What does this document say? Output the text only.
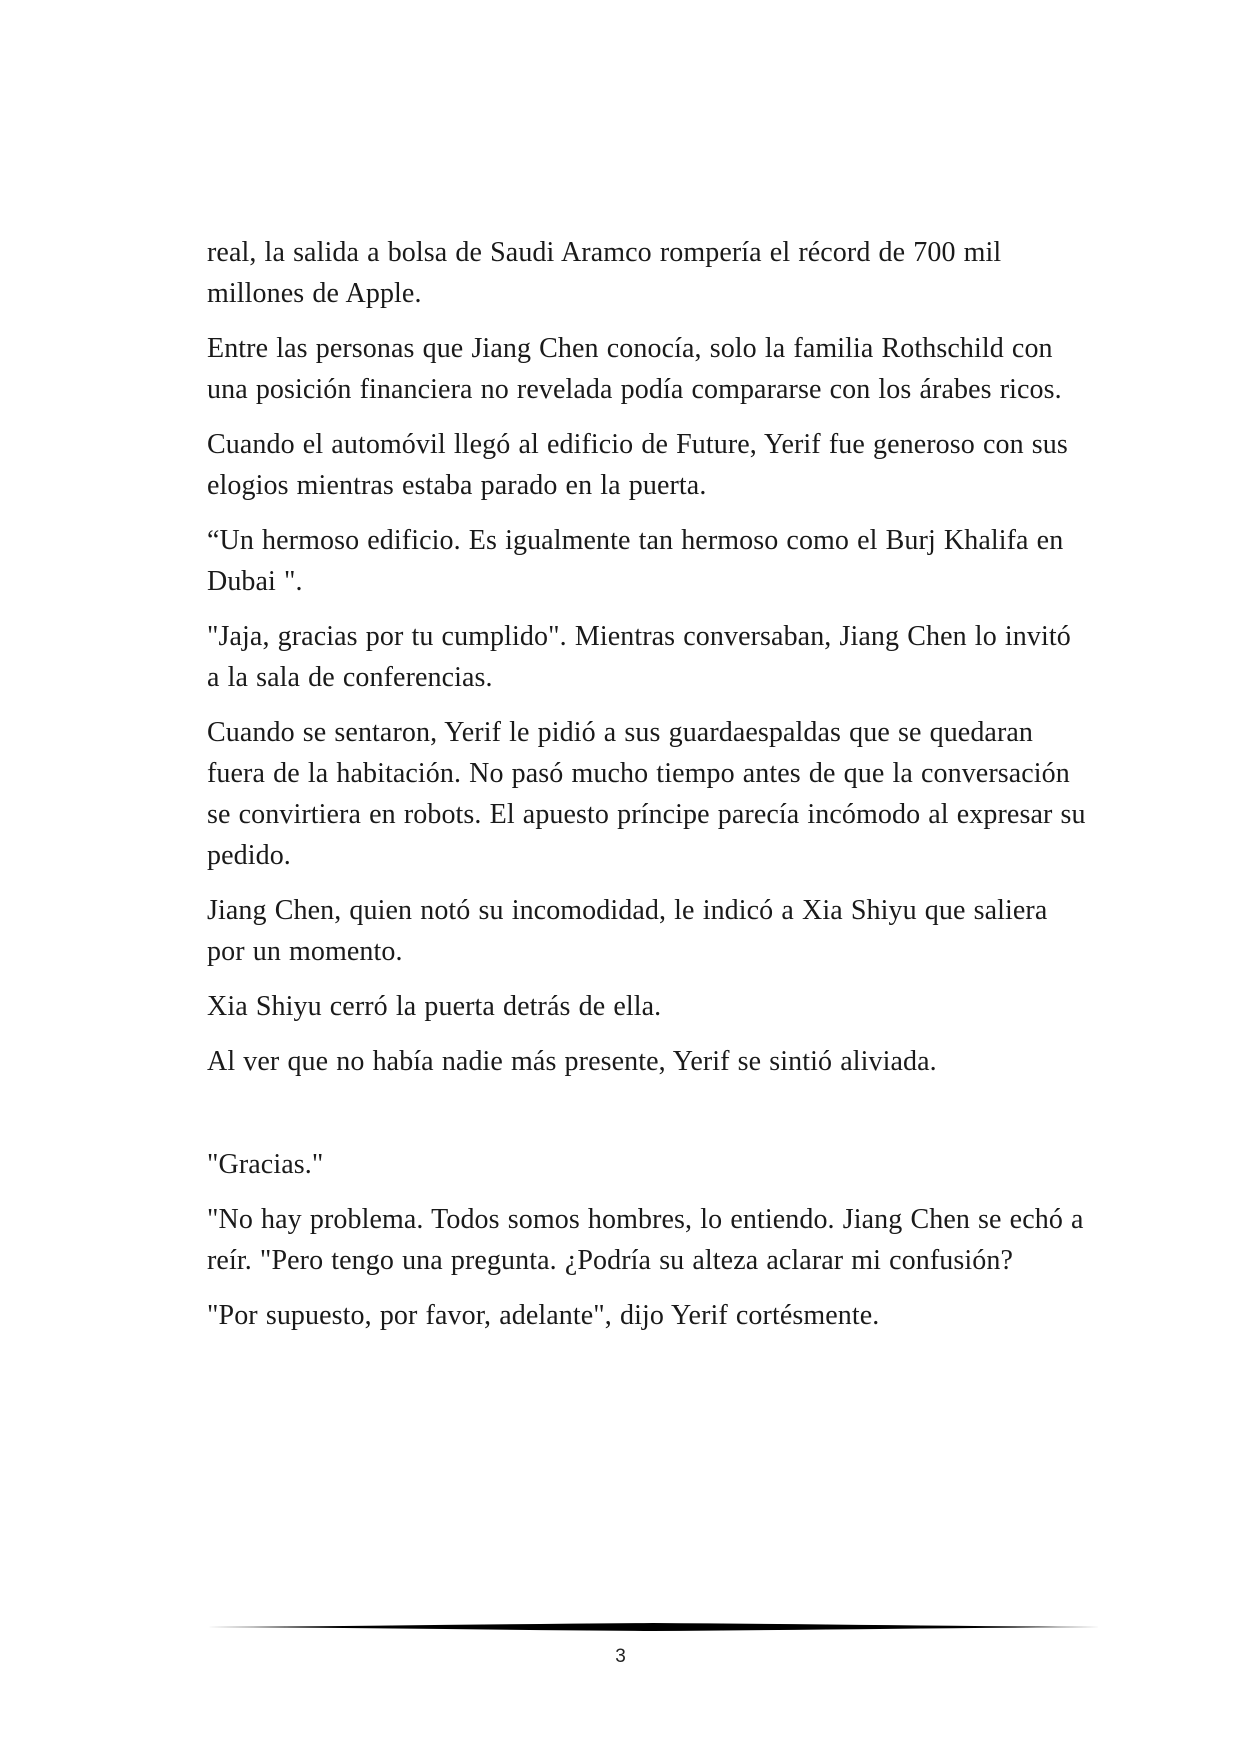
real, la salida a bolsa de Saudi Aramco rompería el récord de 700 mil millones de Apple.

Entre las personas que Jiang Chen conocía, solo la familia Rothschild con una posición financiera no revelada podía compararse con los árabes ricos.

Cuando el automóvil llegó al edificio de Future, Yerif fue generoso con sus elogios mientras estaba parado en la puerta.

“Un hermoso edificio. Es igualmente tan hermoso como el Burj Khalifa en Dubai ".

"Jaja, gracias por tu cumplido". Mientras conversaban, Jiang Chen lo invitó a la sala de conferencias.

Cuando se sentaron, Yerif le pidió a sus guardaespaldas que se quedaran fuera de la habitación. No pasó mucho tiempo antes de que la conversación se convirtiera en robots. El apuesto príncipe parecía incómodo al expresar su pedido.

Jiang Chen, quien notó su incomodidad, le indicó a Xia Shiyu que saliera por un momento.

Xia Shiyu cerró la puerta detrás de ella.

Al ver que no había nadie más presente, Yerif se sintió aliviada.

"Gracias."

"No hay problema. Todos somos hombres, lo entiendo. Jiang Chen se echó a reír. "Pero tengo una pregunta. ¿Podría su alteza aclarar mi confusión?

"Por supuesto, por favor, adelante", dijo Yerif cortésmente.

3
